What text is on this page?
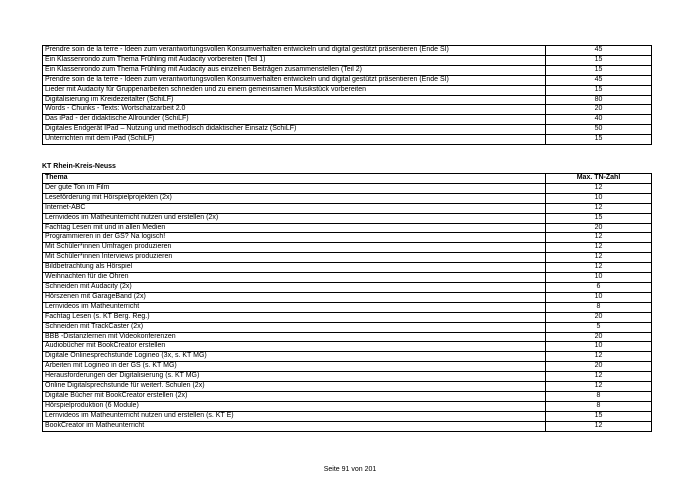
Prendre soin de la terre - Ideen zum verantwortungsvollen Konsumverhalten entwickeln und digital gestützt präsentieren (Ende SI)	45
Ein Klassenrondo zum Thema Frühling mit Audacity vorbereiten (Teil 1)	15
Ein Klassenrondo zum Thema Frühling mit Audacity aus einzelnen Beiträgen zusammenstellen (Teil 2)	15
Prendre soin de la terre - Ideen zum verantwortungsvollen Konsumverhalten entwickeln und digital gestützt präsentieren (Ende SI)	45
Lieder mit Audacity für Gruppenarbeiten schneiden und zu einem gemeinsamen Musikstück vorbereiten	15
Digitalisierung im Kreidezeitalter (SchiLF)	80
Words - Chunks - Texts: Wortschatzarbeit 2.0	20
Das iPad - der didaktische Allrounder (SchiLF)	40
Digitales Endgerät IPad – Nutzung und methodisch didaktischer Einsatz (SchiLF)	50
Unterrichten mit dem iPad (SchiLF)	15
KT Rhein-Kreis-Neuss
Thema	Max. TN-Zahl
Der gute Ton im Film	12
Leseförderung mit Hörspielprojekten (2x)	10
Internet-ABC	12
Lernvideos im Matheunterricht nutzen und erstellen (2x)	15
Fachtag Lesen mit und in allen Medien	20
Programmieren in der GS? Na logisch!	12
Mit Schüler*innen Umfragen produzieren	12
Mit Schüler*innen Interviews produzieren	12
Bildbetrachtung als Hörspiel	12
Weihnachten für die Ohren	10
Schneiden mit Audacity (2x)	6
Hörszenen mit GarageBand (2x)	10
Lernvideos im Matheunterricht	8
Fachtag Lesen (s. KT Berg. Reg.)	20
Schneiden mit TrackCaster (2x)	5
BBB -Distanzlernen mit Videokonferenzen	20
Audiobücher mit BookCreator erstellen	10
Digitale Onlinesprechstunde Logineo (3x, s. KT MG)	12
Arbeiten mit Logineo in der GS (s. KT MG)	20
Herausforderungen der Digitalisierung (s. KT MG)	12
Online Digitalsprechstunde für weiterf. Schulen (2x)	12
Digitale Bücher mit BookCreator erstellen (2x)	8
Hörspielproduktion (6 Module)	8
Lernvideos im Matheunterricht nutzen und erstellen (s. KT E)	15
BookCreator im Matheunterricht	12
Seite 91 von 201
